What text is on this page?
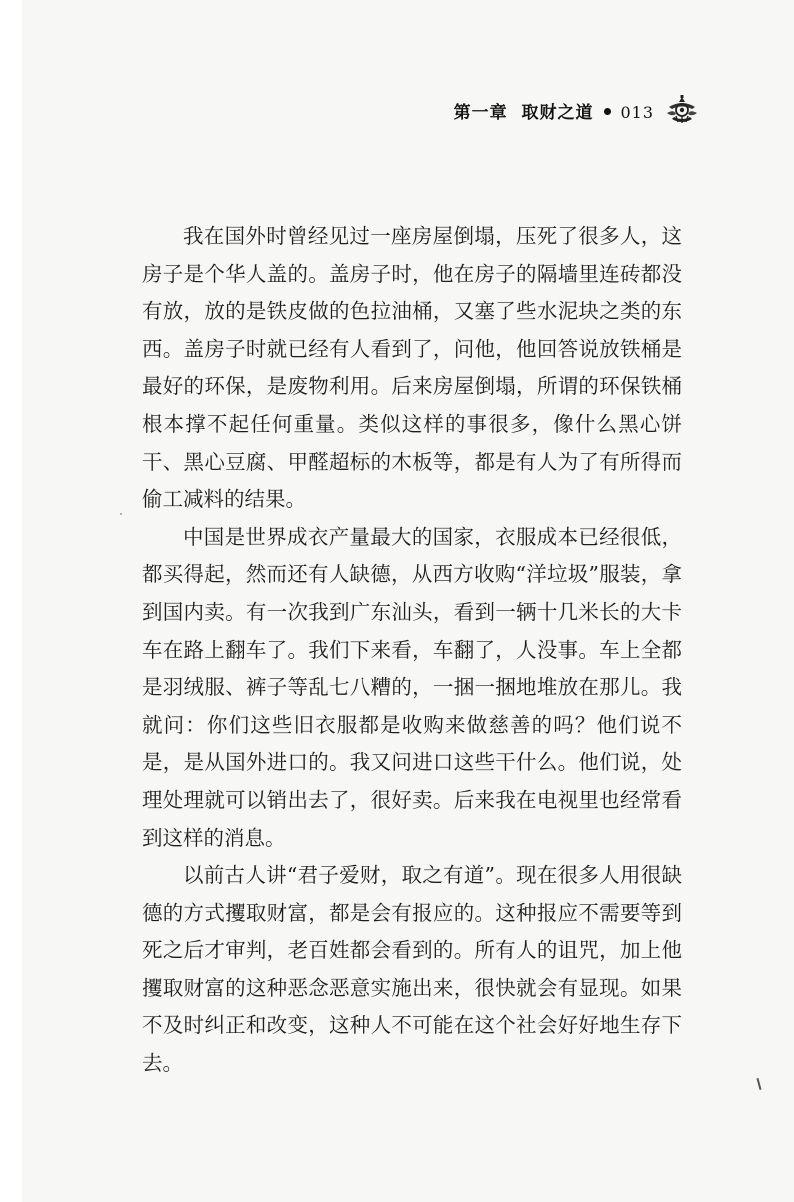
第一章 取财之道 013

我在国外时曾经见过一座房屋倒塌，压死了很多人，这房子是个华人盖的。盖房子时，他在房子的隔墙里连砖都没有放，放的是铁皮做的色拉油桶，又塞了些水泥块之类的东西。盖房子时就已经有人看到了，问他，他回答说放铁桶是最好的环保，是废物利用。后来房屋倒塌，所谓的环保铁桶根本撑不起任何重量。类似这样的事很多，像什么黑心饼干、黑心豆腐、甲醛超标的木板等，都是有人为了有所得而偷工减料的结果。

中国是世界成衣产量最大的国家，衣服成本已经很低，都买得起，然而还有人缺德，从西方收购“洋垃圾”服装，拿到国内卖。有一次我到广东汕头，看到一辆十几米长的大卡车在路上翻车了。我们下来看，车翻了，人没事。车上全都是羽绒服、裤子等乱七八糟的，一捆一捆地堆放在那儿。我就问：你们这些旧衣服都是收购来做慈善的吗？他们说不是，是从国外进口的。我又问进口这些干什么。他们说，处理处理就可以销出去了，很好卖。后来我在电视里也经常看到这样的消息。

以前古人讲“君子爱财，取之有道”。现在很多人用很缺德的方式攫取财富，都是会有报应的。这种报应不需要等到死之后才审判，老百姓都会看到的。所有人的诅咒，加上他攫取财富的这种恶念恶意实施出来，很快就会有显现。如果不及时纠正和改变，这种人不可能在这个社会好好地生存下去。
